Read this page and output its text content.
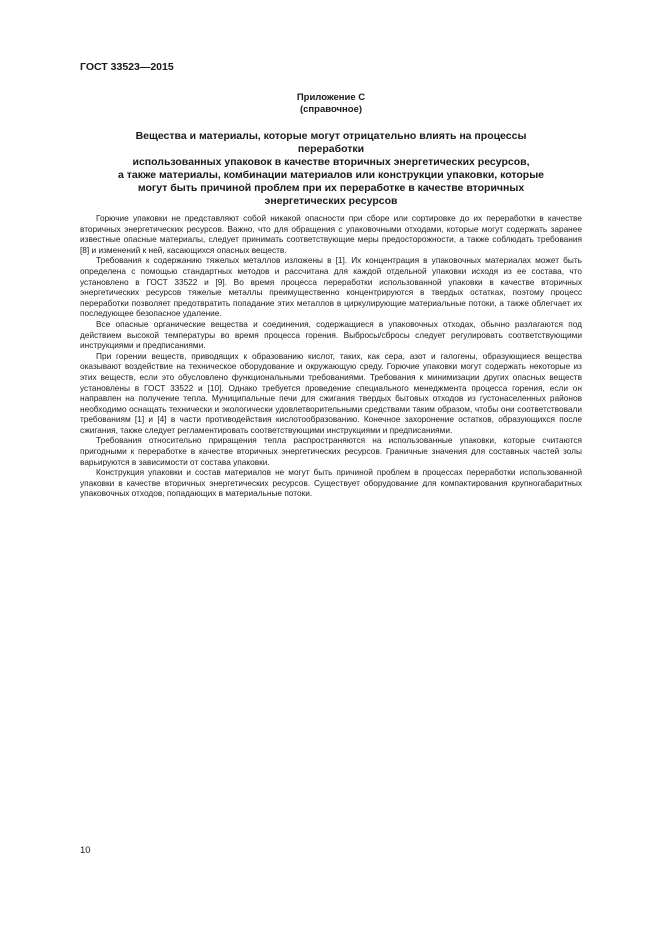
ГОСТ 33523—2015
Приложение С
(справочное)
Вещества и материалы, которые могут отрицательно влиять на процессы переработки
использованных упаковок в качестве вторичных энергетических ресурсов,
а также материалы, комбинации материалов или конструкции упаковки, которые
могут быть причиной проблем при их переработке в качестве вторичных
энергетических ресурсов

Горючие упаковки не представляют собой никакой опасности при сборе или сортировке до их переработки в качестве вторичных энергетических ресурсов. Важно, что для обращения с упаковочными отходами, которые могут содержать заранее известные опасные материалы, следует принимать соответствующие меры предосторожности, а также соблюдать требования [8] и изменений к ней, касающихся опасных веществ.

Требования к содержанию тяжелых металлов изложены в [1]. Их концентрация в упаковочных материалах может быть определена с помощью стандартных методов и рассчитана для каждой отдельной упаковки исходя из ее состава, что установлено в ГОСТ 33522 и [9]. Во время процесса переработки использованной упаковки в качестве вторичных энергетических ресурсов тяжелые металлы преимущественно концентрируются в твердых остатках, поэтому процесс переработки позволяет предотвратить попадание этих металлов в циркулирующие материальные потоки, а также облегчает их последующее безопасное удаление.

Все опасные органические вещества и соединения, содержащиеся в упаковочных отходах, обычно разлагаются под действием высокой температуры во время процесса горения. Выбросы/сбросы следует регулировать соответствующими инструкциями и предписаниями.

При горении веществ, приводящих к образованию кислот, таких, как сера, азот и галогены, образующиеся вещества оказывают воздействие на техническое оборудование и окружающую среду. Горючие упаковки могут содержать некоторые из этих веществ, если это обусловлено функциональными требованиями. Требования к минимизации других опасных веществ установлены в ГОСТ 33522 и [10]. Однако требуется проведение специального менеджмента процесса горения, если он направлен на получение тепла. Муниципальные печи для сжигания твердых бытовых отходов из густонаселенных районов необходимо оснащать технически и экологически удовлетворительными средствами таким образом, чтобы они соответствовали требованиям [1] и [4] в части противодействия кислотообразованию. Конечное захоронение остатков, образующихся после сжигания, также следует регламентировать соответствующими инструкциями и предписаниями.

Требования относительно приращения тепла распространяются на использованные упаковки, которые считаются пригодными к переработке в качестве вторичных энергетических ресурсов. Граничные значения для составных частей золы варьируются в зависимости от состава упаковки.

Конструкция упаковки и состав материалов не могут быть причиной проблем в процессах переработки использованной упаковки в качестве вторичных энергетических ресурсов. Существует оборудование для компактирования крупногабаритных упаковочных отходов, попадающих в материальные потоки.

10
